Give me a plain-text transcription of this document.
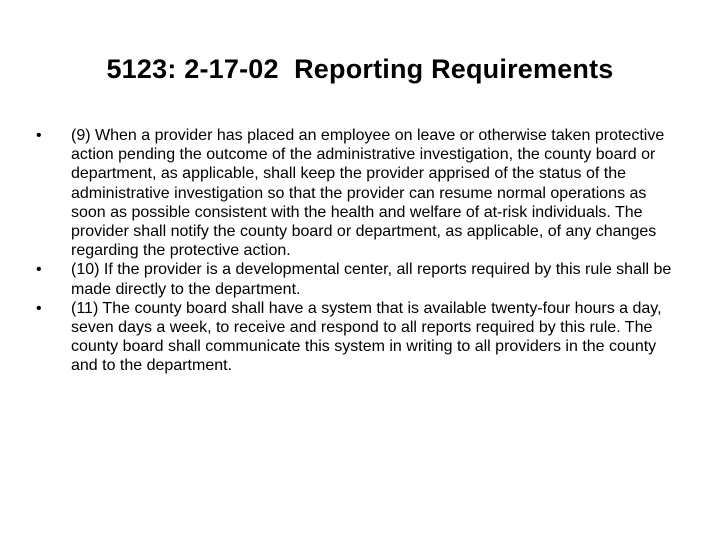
5123: 2-17-02  Reporting Requirements
•	(9) When a provider has placed an employee on leave or otherwise taken protective action pending the outcome of the administrative investigation, the county board or department, as applicable, shall keep the provider apprised of the status of the administrative investigation so that the provider can resume normal operations as soon as possible consistent with the health and welfare of at-risk individuals. The provider shall notify the county board or department, as applicable, of any changes regarding the protective action.
•	(10) If the provider is a developmental center, all reports required by this rule shall be made directly to the department.
•	(11) The county board shall have a system that is available twenty-four hours a day, seven days a week, to receive and respond to all reports required by this rule. The county board shall communicate this system in writing to all providers in the county and to the department.
